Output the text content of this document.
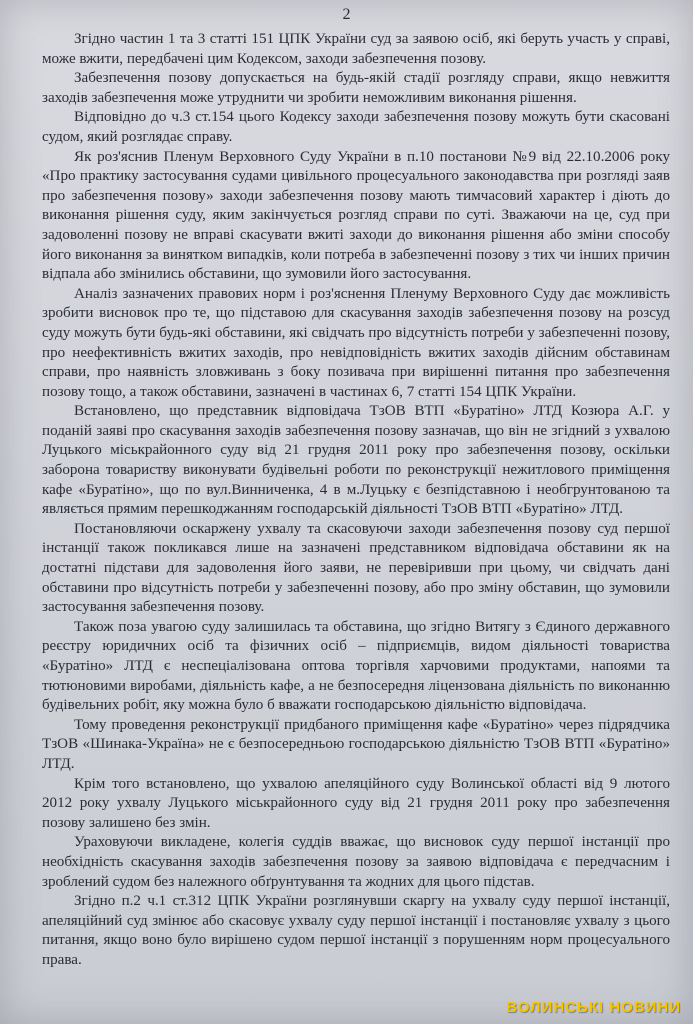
2

Згідно частин 1 та 3 статті 151 ЦПК України суд за заявою осіб, які беруть участь у справі, може вжити, передбачені цим Кодексом, заходи забезпечення позову.

Забезпечення позову допускається на будь-якій стадії розгляду справи, якщо невжиття заходів забезпечення може утруднити чи зробити неможливим виконання рішення.

Відповідно до ч.3 ст.154 цього Кодексу заходи забезпечення позову можуть бути скасовані судом, який розглядає справу.

Як роз'яснив Пленум Верховного Суду України в п.10 постанови №9 від 22.10.2006 року «Про практику застосування судами цивільного процесуального законодавства при розгляді заяв про забезпечення позову» заходи забезпечення позову мають тимчасовий характер і діють до виконання рішення суду, яким закінчується розгляд справи по суті. Зважаючи на це, суд при задоволенні позову не вправі скасувати вжиті заходи до виконання рішення або зміни способу його виконання за винятком випадків, коли потреба в забезпеченні позову з тих чи інших причин відпала або змінились обставини, що зумовили його застосування.

Аналіз зазначених правових норм і роз'яснення Пленуму Верховного Суду дає можливість зробити висновок про те, що підставою для скасування заходів забезпечення позову на розсуд суду можуть бути будь-які обставини, які свідчать про відсутність потреби у забезпеченні позову, про неефективність вжитих заходів, про невідповідність вжитих заходів дійсним обставинам справи, про наявність зловживань з боку позивача при вирішенні питання про забезпечення позову тощо, а також обставини, зазначені в частинах 6, 7 статті 154 ЦПК України.

Встановлено, що представник відповідача ТзОВ ВТП «Буратіно» ЛТД Козюра А.Г. у поданій заяві про скасування заходів забезпечення позову зазначав, що він не згідний з ухвалою Луцького міськрайонного суду від 21 грудня 2011 року про забезпечення позову, оскільки заборона товариству виконувати будівельні роботи по реконструкції нежитлового приміщення кафе «Буратіно», що по вул.Винниченка, 4 в м.Луцьку є безпідставною і необгрунтованою та являється прямим перешкоджанням господарській діяльності ТзОВ ВТП «Буратіно» ЛТД.

Постановляючи оскаржену ухвалу та скасовуючи заходи забезпечення позову суд першої інстанції також покликався лише на зазначені представником відповідача обставини як на достатні підстави для задоволення його заяви, не перевіривши при цьому, чи свідчать дані обставини про відсутність потреби у забезпеченні позову, або про зміну обставин, що зумовили застосування забезпечення позову.

Також поза увагою суду залишилась та обставина, що згідно Витягу з Єдиного державного реєстру юридичних осіб та фізичних осіб – підприємців, видом діяльності товариства «Буратіно» ЛТД є неспеціалізована оптова торгівля харчовими продуктами, напоями та тютюновими виробами, діяльність кафе, а не безпосередня ліцензована діяльність по виконанню будівельних робіт, яку можна було б вважати господарською діяльністю відповідача.

Тому проведення реконструкції придбаного приміщення кафе «Буратіно» через підрядчика ТзОВ «Шинака-Україна» не є безпосередньою господарською діяльністю ТзОВ ВТП «Буратіно» ЛТД.

Крім того встановлено, що ухвалою апеляційного суду Волинської області від 9 лютого 2012 року ухвалу Луцького міськрайонного суду від 21 грудня 2011 року про забезпечення позову залишено без змін.

Ураховуючи викладене, колегія суддів вважає, що висновок суду першої інстанції про необхідність скасування заходів забезпечення позову за заявою відповідача є передчасним і зроблений судом без належного обґрунтування та жодних для цього підстав.

Згідно п.2 ч.1 ст.312 ЦПК України розглянувши скаргу на ухвалу суду першої інстанції, апеляційний суд змінює або скасовує ухвалу суду першої інстанції і постановляє ухвалу з цього питання, якщо воно було вирішено судом першої інстанції з порушенням норм процесуального права.

ВОЛИНСЬКІ НОВИНИ
